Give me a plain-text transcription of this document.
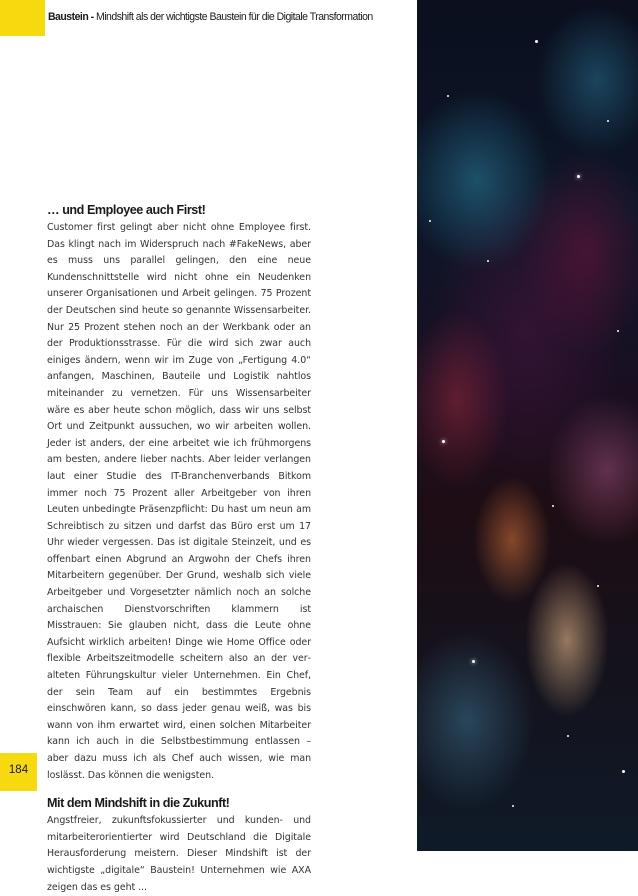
Baustein - Mindshift als der wichtigste Baustein für die Digitale Transformation
… und Employee auch First!

Customer first gelingt aber nicht ohne Employee first. Das klingt nach im Widerspruch nach #FakeNews, aber es muss uns parallel gelingen, den eine neue Kundenschnittstelle wird nicht ohne ein Neudenken unserer Organisationen und Arbeit gelingen. 75 Prozent der Deutschen sind heute so genannte Wissensarbeiter. Nur 25 Prozent stehen noch an der Werkbank oder an der Produktionsstrasse. Für die wird sich zwar auch einiges ändern, wenn wir im Zuge von „Fertigung 4.0“ anfangen, Maschinen, Bauteile und Logistik nahtlos miteinander zu vernetzen. Für uns Wissensarbeiter wäre es aber heute schon möglich, dass wir uns selbst Ort und Zeitpunkt aussuchen, wo wir arbeiten wollen. Jeder ist anders, der eine arbeitet wie ich frühmorgens am besten, andere lieber nachts. Aber leider verlangen laut einer Studie des IT-Branchenverbands Bitkom immer noch 75 Prozent aller Arbeitgeber von ihren Leuten unbedingte Präsenzpflicht: Du hast um neun am Schreibtisch zu sitzen und darfst das Büro erst um 17 Uhr wieder vergessen. Das ist digitale Steinzeit, und es offenbart einen Abgrund an Argwohn der Chefs ihren Mitarbeitern gegenüber. Der Grund, weshalb sich viele Arbeitgeber und Vorgesetzter nämlich noch an solche archaischen Dienstvorschriften klammern ist Misstrauen: Sie glauben nicht, dass die Leute ohne Aufsicht wirklich arbeiten! Dinge wie Home Office oder flexible Arbeitszeitmodelle scheitern also an der veralteten Führungskultur vieler Unternehmen. Ein Chef, der sein Team auf ein bestimmtes Ergebnis einschwören kann, so dass jeder genau weiß, was bis wann von ihm erwartet wird, einen solchen Mitarbeiter kann ich auch in die Selbstbestimmung entlassen – aber dazu muss ich als Chef auch wissen, wie man loslässt. Das können die wenigsten.

Mit dem Mindshift in die Zukunft!

Angstfreier, zukunftsfokussierter und kunden- und mitarbeiterorientierter wird Deutschland die Digitale Herausforderung meistern. Dieser Mindshift ist der wichtigste „digitale“ Baustein! Unternehmen wie AXA zeigen das es geht ...

184
